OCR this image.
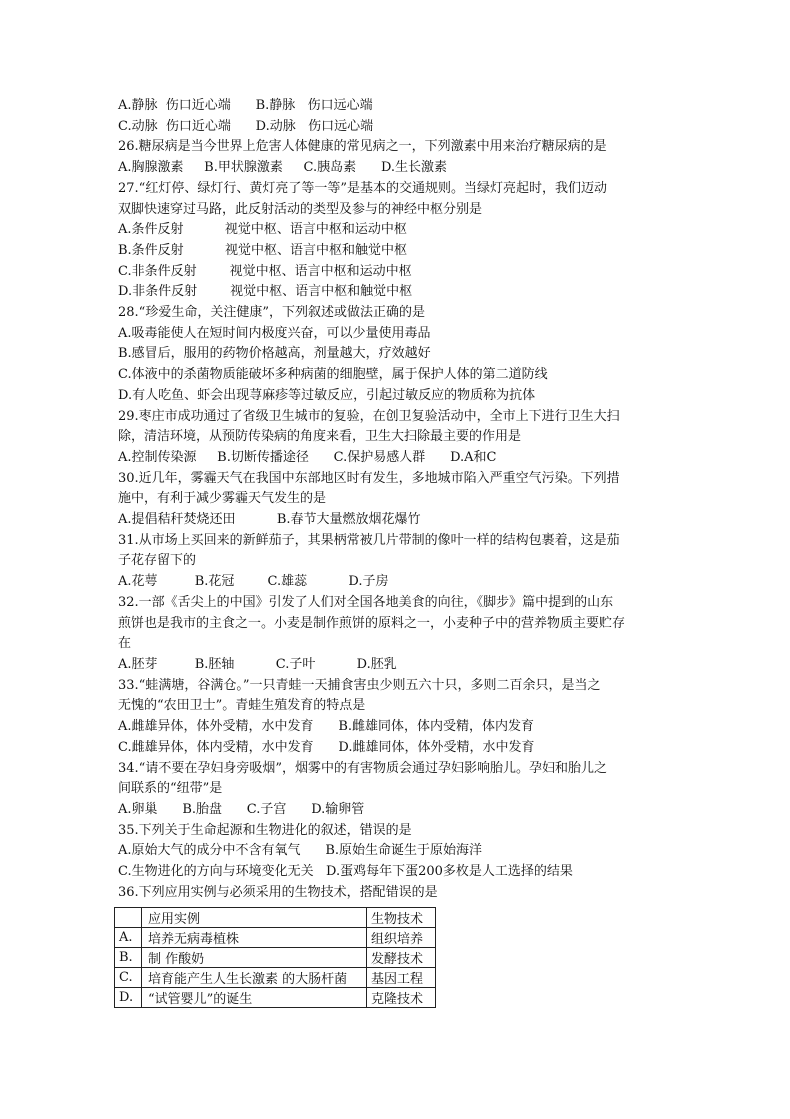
A.静脉  伤口近心端      B.静脉   伤口远心端
C.动脉  伤口近心端      D.动脉   伤口远心端
26.糖尿病是当今世界上危害人体健康的常见病之一，下列激素中用来治疗糖尿病的是
A.胸腺激素     B.甲状腺激素     C.胰岛素      D.生长激素
27.“红灯停、绿灯行、黄灯亮了等一等”是基本的交通规则。当绿灯亮起时，我们迈动
双脚快速穿过马路，此反射活动的类型及参与的神经中枢分别是
A.条件反射          视觉中枢、语言中枢和运动中枢
B.条件反射          视觉中枢、语言中枢和触觉中枢
C.非条件反射        视觉中枢、语言中枢和运动中枢
D.非条件反射        视觉中枢、语言中枢和触觉中枢
28.“珍爱生命，关注健康”，下列叙述或做法正确的是
A.吸毒能使人在短时间内极度兴奋，可以少量使用毒品
B.感冒后，服用的药物价格越高，剂量越大，疗效越好
C.体液中的杀菌物质能破坏多种病菌的细胞壁，属于保护人体的第二道防线
D.有人吃鱼、虾会出现荨麻疹等过敏反应，引起过敏反应的物质称为抗体
29.枣庄市成功通过了省级卫生城市的复验，在创卫复验活动中，全市上下进行卫生大扫
除，清洁环境，从预防传染病的角度来看，卫生大扫除最主要的作用是
A.控制传染源     B.切断传播途径      C.保护易感人群      D.A和C
30.近几年，雾霾天气在我国中东部地区时有发生，多地城市陷入严重空气污染。下列措
施中，有利于减少雾霾天气发生的是
A.提倡秸秆焚烧还田          B.春节大量燃放烟花爆竹
31.从市场上买回来的新鲜茄子，其果柄常被几片带制的像叶一样的结构包裹着，这是茄
子花存留下的
A.花萼         B.花冠        C.雄蕊          D.子房
32.一部《舌尖上的中国》引发了人们对全国各地美食的向往，《脚步》篇中提到的山东
煎饼也是我市的主食之一。小麦是制作煎饼的原料之一，小麦种子中的营养物质主要贮存
在
A.胚芽         B.胚轴          C.子叶          D.胚乳
33.“蛙满塘，谷满仓。”一只青蛙一天捕食害虫少则五六十只，多则二百余只，是当之
无愧的“农田卫士”。青蛙生殖发育的特点是
A.雌雄异体，体外受精，水中发育      B.雌雄同体，体内受精，体内发育
C.雌雄异体，体内受精，水中发育      D.雌雄同体，体外受精，水中发育
34.“请不要在孕妇身旁吸烟”，烟雾中的有害物质会通过孕妇影响胎儿。孕妇和胎儿之
间联系的“纽带”是
A.卵巢      B.胎盘      C.子宫      D.输卵管
35.下列关于生命起源和生物进化的叙述，错误的是
A.原始大气的成分中不含有氧气      B.原始生命诞生于原始海洋
C.生物进化的方向与环境变化无关   D.蛋鸡每年下蛋200多枚是人工选择的结果
36.下列应用实例与必须采用的生物技术，搭配错误的是
	应用实例	生物技术
A.	培养无病毒植株	组织培养
B.	制 作酸奶	发酵技术
C.	培育能产生人生长激素 的大肠杆菌	基因工程
D.	“试管婴儿”的诞生	克隆技术
